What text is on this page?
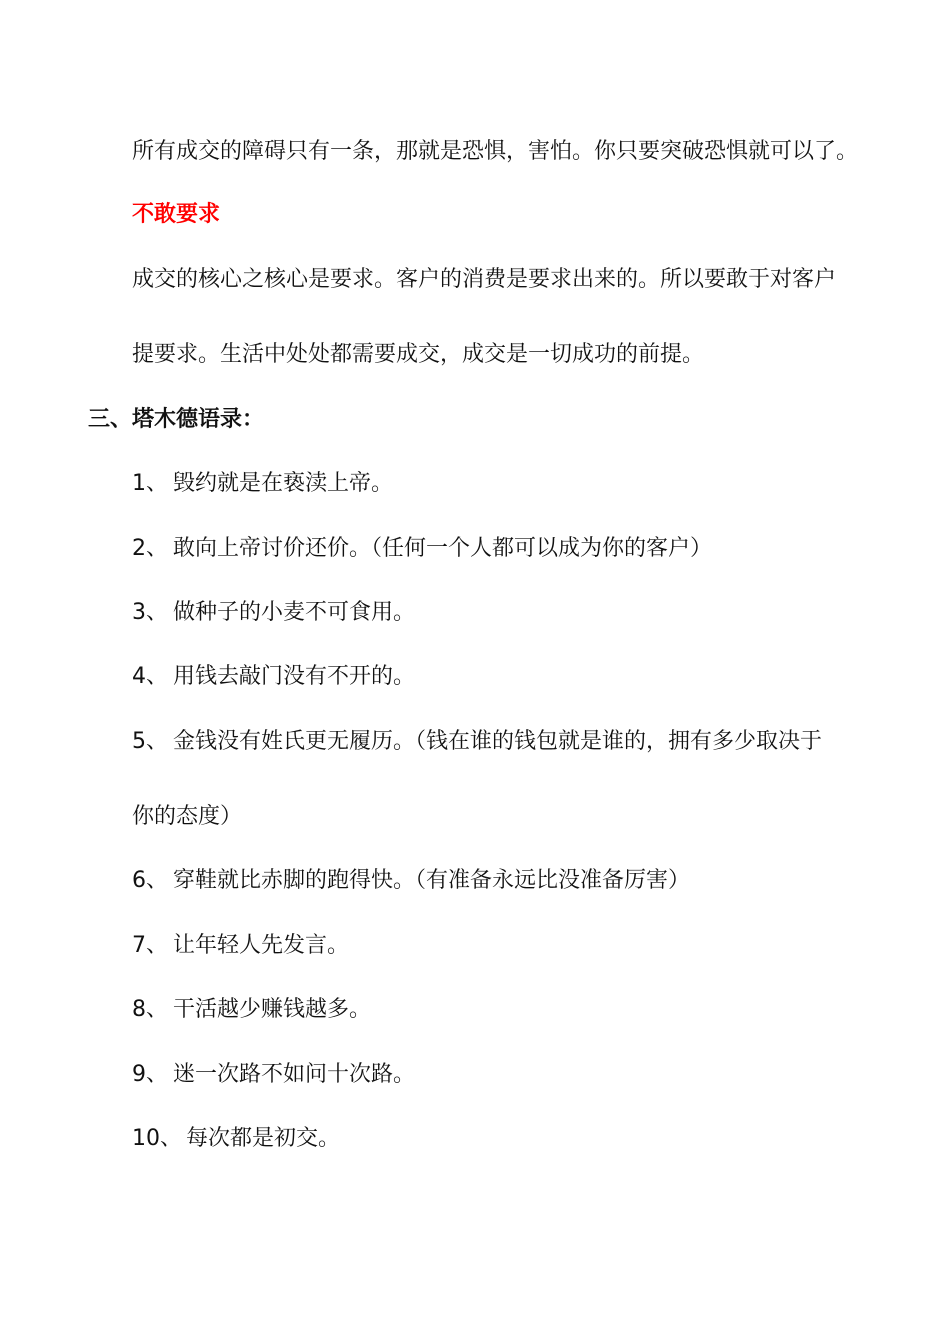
所有成交的障碍只有一条，那就是恐惧，害怕。你只要突破恐惧就可以了。
不敢要求
成交的核心之核心是要求。客户的消费是要求出来的。所以要敢于对客户
提要求。生活中处处都需要成交，成交是一切成功的前提。
三、塔木德语录：
1、 毁约就是在亵渎上帝。
2、 敢向上帝讨价还价。（任何一个人都可以成为你的客户）
3、 做种子的小麦不可食用。
4、 用钱去敲门没有不开的。
5、 金钱没有姓氏更无履历。（钱在谁的钱包就是谁的，拥有多少取决于
你的态度）
6、 穿鞋就比赤脚的跑得快。（有准备永远比没准备厉害）
7、 让年轻人先发言。
8、 干活越少赚钱越多。
9、 迷一次路不如问十次路。
10、 每次都是初交。
